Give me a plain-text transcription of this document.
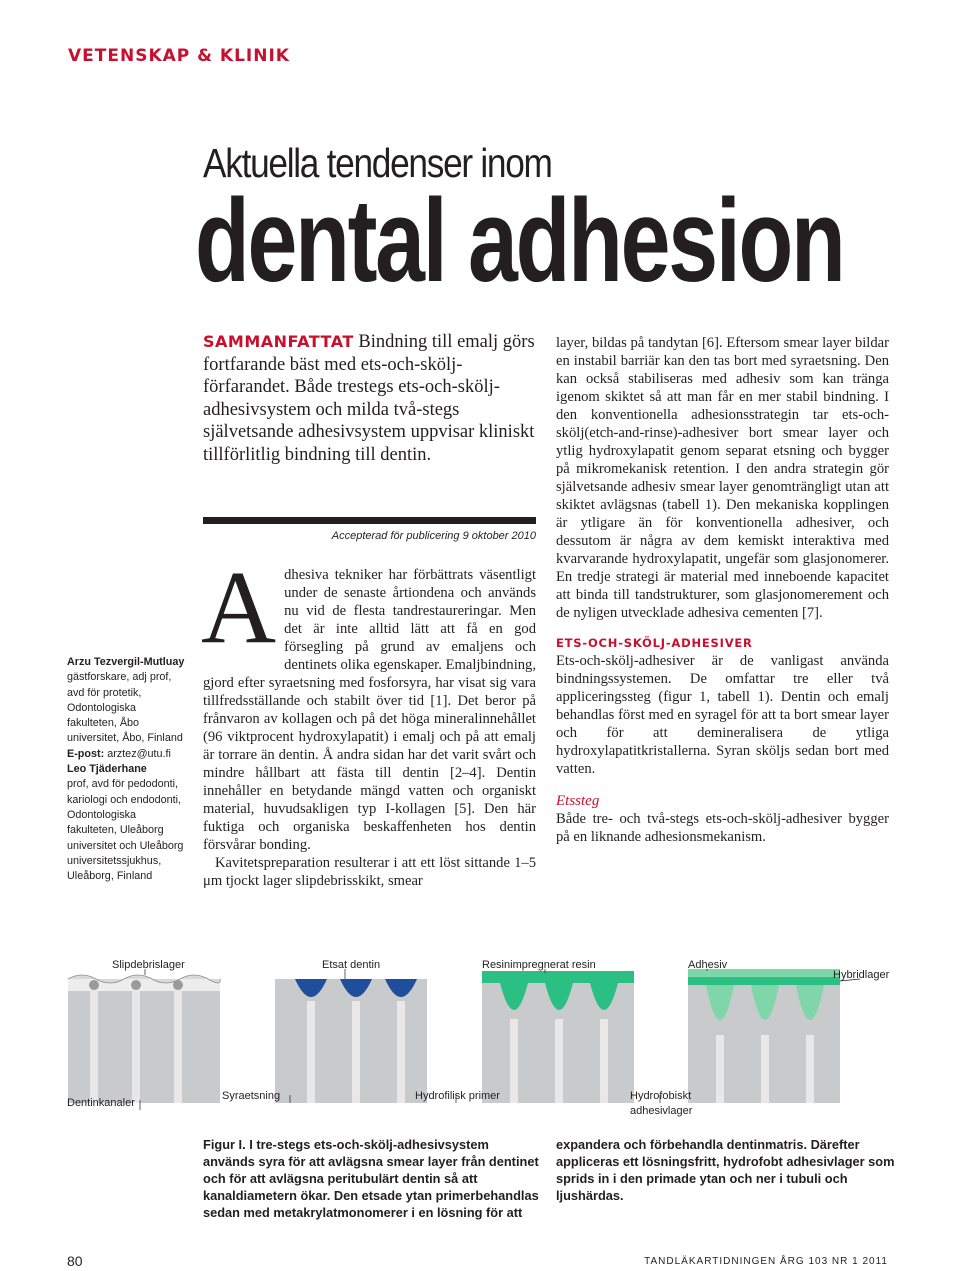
VETENSKAP & KLINIK
Aktuella tendenser inom
dental adhesion
Arzu Tezvergil-Mutluay
gästforskare, adj prof, avd för protetik, Odontologiska fakulteten, Åbo universitet, Åbo, Finland
E-post: arztez@utu.fi
Leo Tjäderhane
prof, avd för pedodonti, kariologi och endodonti, Odontologiska fakulteten, Uleåborg universitet och Uleåborg universitetssjukhus, Uleåborg, Finland
SAMMANFATTAT Bindning till emalj görs fortfarande bäst med ets-och-skölj-förfarandet. Både trestegs ets-och-skölj-adhesivsystem och milda två-stegs självetsande adhesivsystem uppvisar kliniskt tillförlitlig bindning till dentin.
Accepterad för publicering 9 oktober 2010
A dhesiva tekniker har förbättrats väsentligt under de senaste årtiondena och används nu vid de flesta tandrestaureringar. Men det är inte alltid lätt att få en god försegling på grund av emaljens och dentinets olika egenskaper. Emaljbindning, gjord efter syraetsning med fosforsyra, har visat sig vara tillfredsställande och stabilt över tid [1]. Det beror på frånvaron av kollagen och på det höga mineralinnehållet (96 viktprocent hydroxylapatit) i emalj och på att emalj är torrare än dentin. Å andra sidan har det varit svårt och mindre hållbart att fästa till dentin [2–4]. Dentin innehåller en betydande mängd vatten och organiskt material, huvudsakligen typ I-kollagen [5]. Den här fuktiga och organiska beskaffenheten hos dentin försvårar bonding.

Kavitetspreparation resulterar i att ett löst sittande 1–5 μm tjockt lager slipdebrisskikt, smear

layer, bildas på tandytan [6]. Eftersom smear layer bildar en instabil barriär kan den tas bort med syraetsning. Den kan också stabiliseras med adhesiv som kan tränga igenom skiktet så att man får en mer stabil bindning. I den konventionella adhesionsstrategin tar ets-och-skölj(etch-and-rinse)-adhesiver bort smear layer och ytlig hydroxylapatit genom separat etsning och bygger på mikromekanisk retention. I den andra strategin gör självetsande adhesiv smear layer genomträngligt utan att skiktet avlägsnas (tabell 1). Den mekaniska kopplingen är ytligare än för konventionella adhesiver, och dessutom är några av dem kemiskt interaktiva med kvarvarande hydroxylapatit, ungefär som glasjonomerer. En tredje strategi är material med inneboende kapacitet att binda till tandstrukturer, som glasjonomerement och de nyligen utvecklade adhesiva cementen [7].

ETS-OCH-SKÖLJ-ADHESIVER

Ets-och-skölj-adhesiver är de vanligast använda bindningssystemen. De omfattar tre eller två appliceringssteg (figur 1, tabell 1). Dentin och emalj behandlas först med en syragel för att ta bort smear layer och för att demineralisera de ytliga hydroxylapatitkristallerna. Syran sköljs sedan bort med vatten.

Etssteg

Både tre- och två-stegs ets-och-skölj-adhesiver bygger på en liknande adhesionsmekanism.

Slipdebrislager	Etsat dentin	Resinimpregnerat resin	Adhesiv
Hybridlager
Dentinkanaler
Syraetsning	Hydrofilisk primer	Hydrofobiskt
adhesivlager
Figur I. I tre-stegs ets-och-skölj-adhesivsystem används syra för att avlägsna smear layer från dentinet och för att avlägsna peritubulärt dentin så att kanaldiametern ökar. Den etsade ytan primerbehandlas sedan med metakrylatmonomerer i en lösning för att
expandera och förbehandla dentinmatris. Därefter appliceras ett lösningsfritt, hydrofobt adhesivlager som sprids in i den primade ytan och ner i tubuli och ljushärdas.
80	TANDLÄKARTIDNINGEN ÅRG 103 NR 1 2011
